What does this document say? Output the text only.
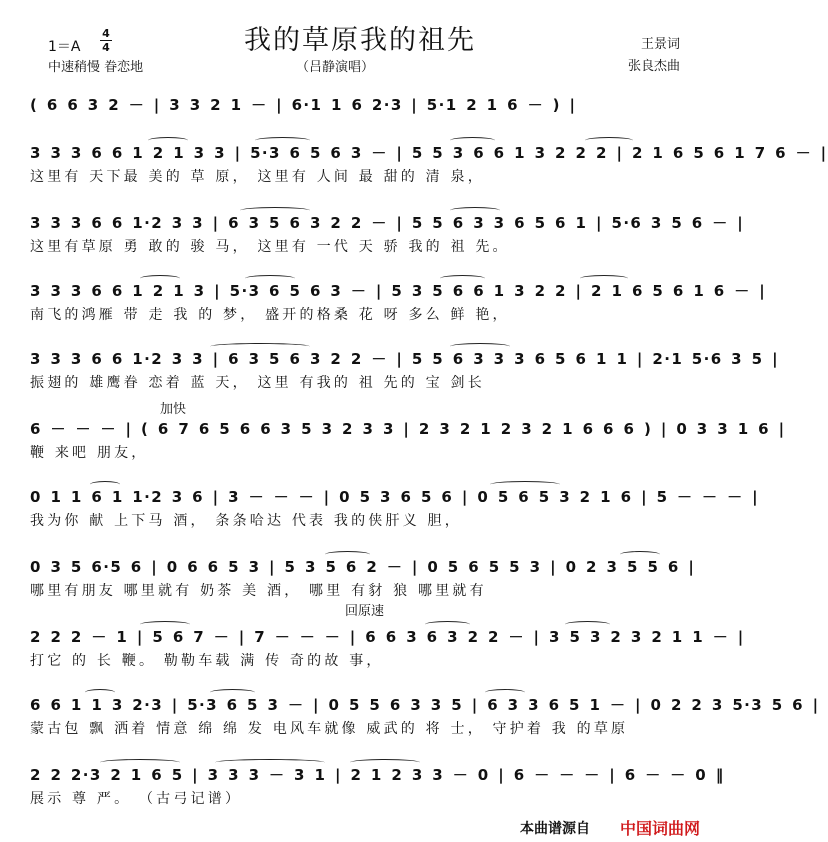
我的草原我的祖先
1＝A
4
4
中速稍慢 眷恋地	（吕静演唱）
王景词
张良杰曲
( 6 6 3 2 － | 3 3 2 1 － | 6·1 1 6 2·3 | 5·1 2 1 6 － ) |
3 3 3 6 6 1 2 1 3 3 | 5·3 6 5 6 3 － | 5 5 3 6 6 1 3 2 2 2 | 2 1 6 5 6 1 7 6 － |
这里有 天下最 美的 草 原， 这里有 人间 最 甜的 清 泉，
3 3 3 6 6 1·2 3 3 | 6 3 5 6 3 2 2 － | 5 5 6 3 3 6 5 6 1 | 5·6 3 5 6 － |
这里有草原 勇 敢的 骏 马， 这里有 一代 天 骄 我的 祖 先。
3 3 3 6 6 1 2 1 3 | 5·3 6 5 6 3 － | 5 3 5 6 6 1 3 2 2 | 2 1 6 5 6 1 6 － |
南飞的鸿雁 带 走 我 的 梦， 盛开的格桑 花 呀 多么 鲜 艳，
3 3 3 6 6 1·2 3 3 | 6 3 5 6 3 2 2 － | 5 5 6 3 3 3 6 5 6 1 1 | 2·1 5·6 3 5 |
振翅的 雄鹰眷 恋着 蓝 天， 这里 有我的 祖 先的 宝 剑长
加快
6 － － － | ( 6 7 6 5 6 6 3 5 3 2 3 3 | 2 3 2 1 2 3 2 1 6 6 6 ) | 0 3 3 1 6 |
鞭 来吧 朋友，
0 1 1 6 1 1·2 3 6 | 3 － － － | 0 5 3 6 5 6 | 0 5 6 5 3 2 1 6 | 5 － － － |
我为你 献 上下马 酒， 条条哈达 代表 我的侠肝义 胆，
0 3 5 6·5 6 | 0 6 6 5 3 | 5 3 5 6 2 － | 0 5 6 5 5 3 | 0 2 3 5 5 6 |
哪里有朋友 哪里就有 奶茶 美 酒， 哪里 有豺 狼 哪里就有
回原速
2 2 2 － 1 | 5 6 7 － | 7 － － － | 6 6 3 6 3 2 2 － | 3 5 3 2 3 2 1 1 － |
打它 的 长 鞭。 勒勒车载 满 传 奇的故 事，
6 6 1 1 3 2·3 | 5·3 6 5 3 － | 0 5 5 6 3 3 5 | 6 3 3 6 5 1 － | 0 2 2 3 5·3 5 6 |
蒙古包 飘 洒着 情意 绵 绵 发 电风车就像 威武的 将 士， 守护着 我 的草原
2 2 2·3 2 1 6 5 | 3 3 3 － 3 1 | 2 1 2 3 3 － 0 | 6 － － － | 6 － － 0 ‖
展示 尊 严。 （古弓记谱）
本曲谱源自 中国词曲网
